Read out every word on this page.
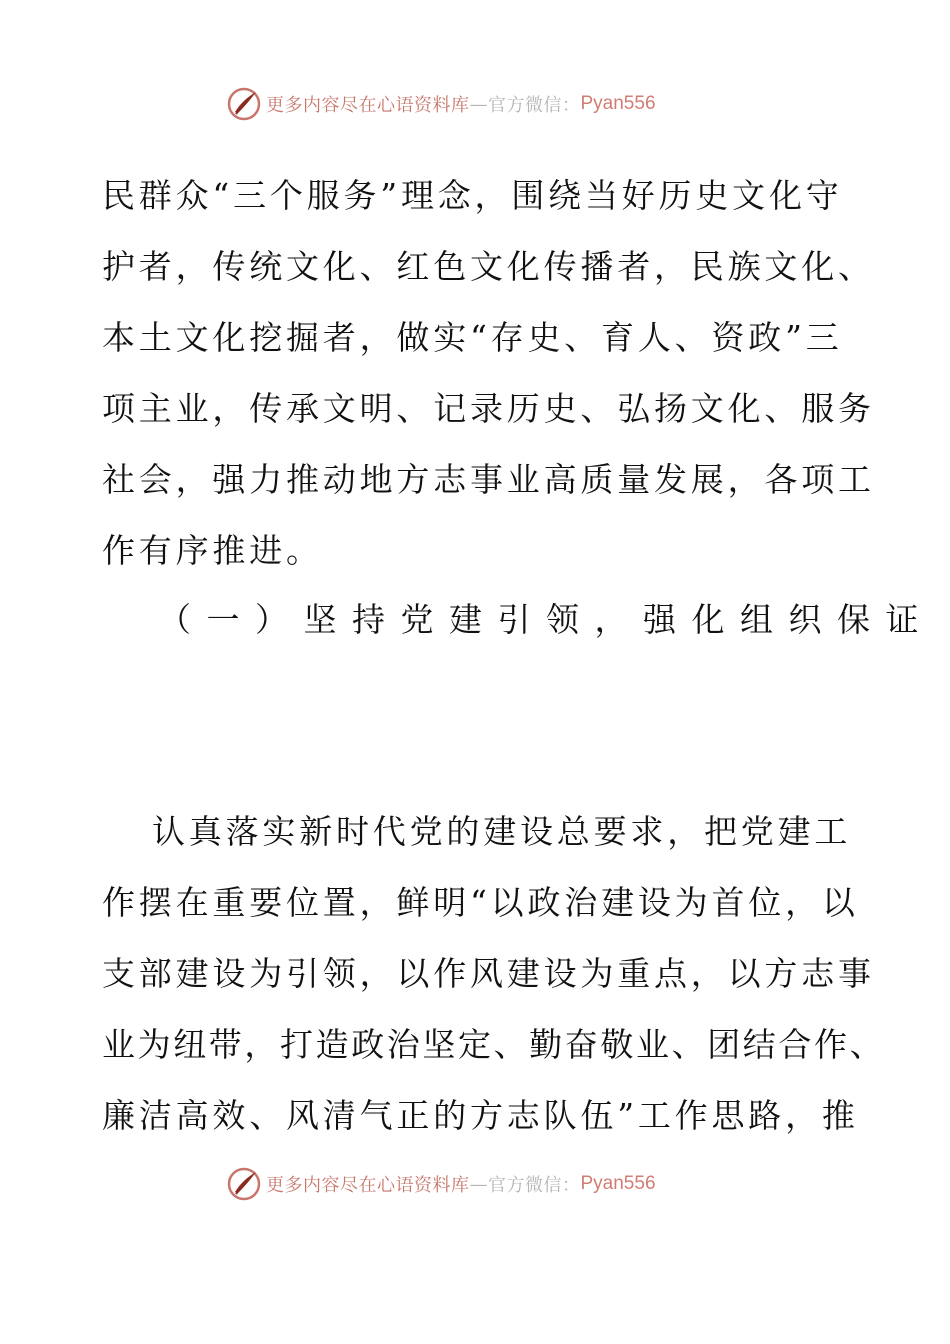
更多内容尽在心语资料库 — 官方微信： Pyan556
民群众“三个服务”理念，围绕当好历史文化守
护者，传统文化、红色文化传播者，民族文化、
本土文化挖掘者，做实“存史、育人、资政”三
项主业，传承文明、记录历史、弘扬文化、服务
社会，强力推动地方志事业高质量发展，各项工
作有序推进。
（一）坚持党建引领，强化组织保证
认真落实新时代党的建设总要求，把党建工
作摆在重要位置，鲜明“以政治建设为首位，以
支部建设为引领，以作风建设为重点，以方志事
业为纽带，打造政治坚定、勤奋敬业、团结合作、
廉洁高效、风清气正的方志队伍”工作思路，推
更多内容尽在心语资料库 — 官方微信： Pyan556
